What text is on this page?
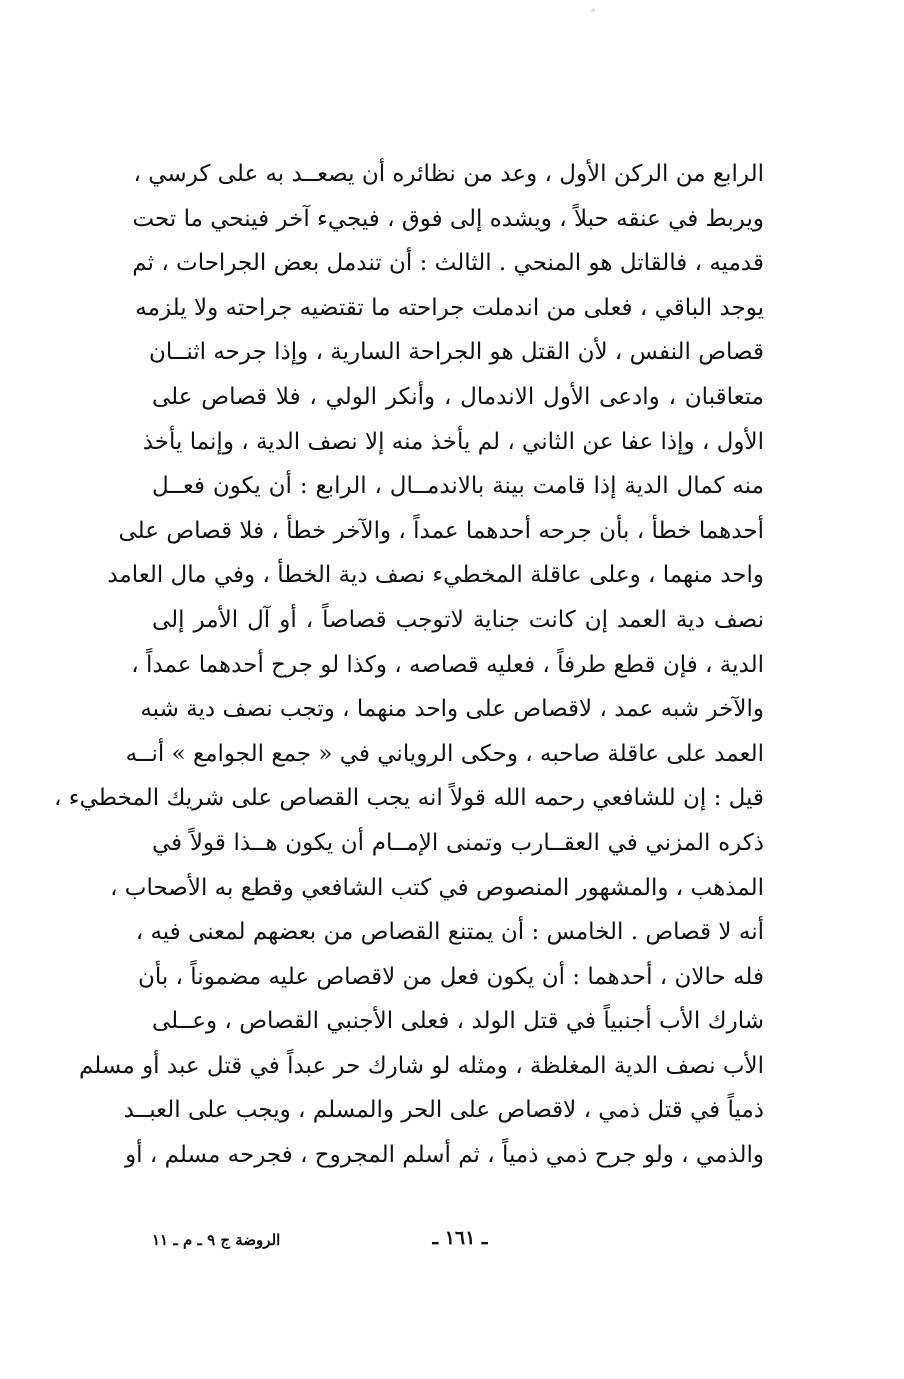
الرابع من الركن الأول ، وعد من نظائره أن يصعــد به على كرسي ،
ويربط في عنقه حبلاً ، ويشده إلى فوق ، فيجيء آخر فينحي ما تحت
قدميه ، فالقاتل هو المنحي . الثالث : أن تندمل بعض الجراحات ، ثم
يوجد الباقي ، فعلى من اندملت جراحته ما تقتضيه جراحته ولا يلزمه
قصاص النفس ، لأن القتل هو الجراحة السارية ، وإذا جرحه اثنــان
متعاقبان ، وادعى الأول الاندمال ، وأنكر الولي ، فلا قصاص على
الأول ، وإذا عفا عن الثاني ، لم يأخذ منه إلا نصف الدية ، وإنما يأخذ
منه كمال الدية إذا قامت بينة بالاندمــال ، الرابع : أن يكون فعــل
أحدهما خطأ ، بأن جرحه أحدهما عمداً ، والآخر خطأ ، فلا قصاص على
واحد منهما ، وعلى عاقلة المخطيء نصف دية الخطأ ، وفي مال العامد
نصف دية العمد إن كانت جناية لاتوجب قصاصاً ، أو آل الأمر إلى
الدية ، فإن قطع طرفاً ، فعليه قصاصه ، وكذا لو جرح أحدهما عمداً ،
والآخر شبه عمد ، لاقصاص على واحد منهما ، وتجب نصف دية شبه
العمد على عاقلة صاحبه ، وحكى الروياني في « جمع الجوامع » أنــه
قيل : إن للشافعي رحمه الله قولاً انه يجب القصاص على شريك المخطيء ،
ذكره المزني في العقــارب وتمنى الإمــام أن يكون هــذا قولاً في
المذهب ، والمشهور المنصوص في كتب الشافعي وقطع به الأصحاب ،
أنه لا قصاص . الخامس : أن يمتنع القصاص من بعضهم لمعنى فيه ،
فله حالان ، أحدهما : أن يكون فعل من لاقصاص عليه مضموناً ، بأن
شارك الأب أجنبياً في قتل الولد ، فعلى الأجنبي القصاص ، وعــلى
الأب نصف الدية المغلظة ، ومثله لو شارك حر عبداً في قتل عبد أو مسلم
ذمياً في قتل ذمي ، لاقصاص على الحر والمسلم ، ويجب على العبــد
والذمي ، ولو جرح ذمي ذمياً ، ثم أسلم المجروح ، فجرحه مسلم ، أو
ـ ١٦١ ـ
الروضة ج ٩ ـ م ـ ١١
